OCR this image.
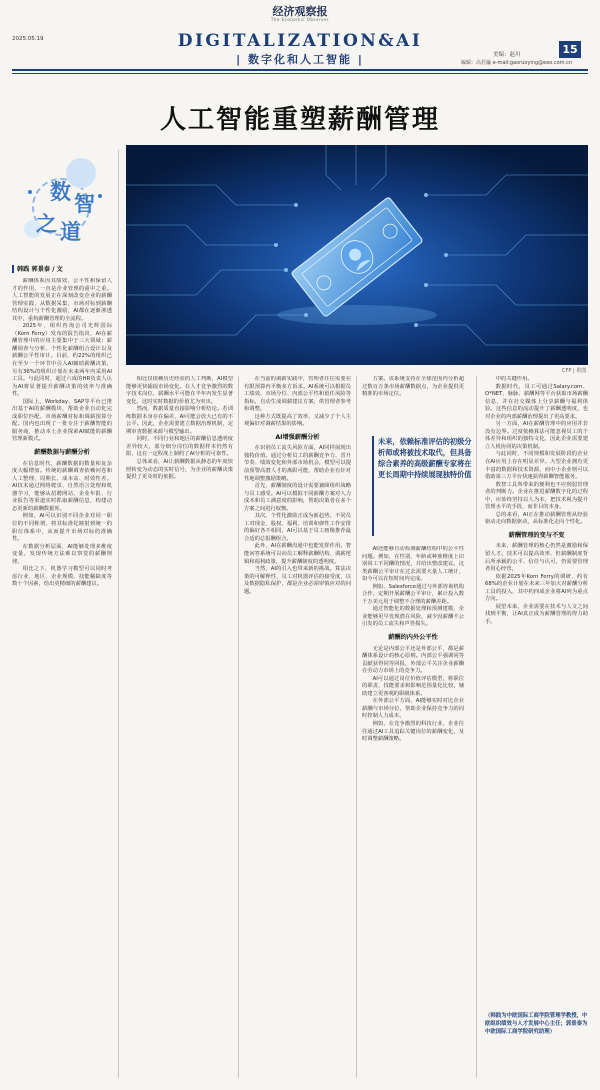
经济观察报
The Economic Observer
2025.05.19	DIGITALIZATION&AI
| 数字化和人工智能 |	美编：赵川	15
编辑：高若瀛 e-mail:gaoruoying@eeo.com.cn
人工智能重塑薪酬管理
数 智
之 道
韩践 郭景泰 / 文
CFP | 供图

薪酬体系因其绩效、公平性和保留人才的作用，一直是企业管理的重中之重。人工智能的发展正在深刻改变企业的薪酬管理实践，从数据采集、市场对标到薪酬结构设计与个性化激励，AI都在逐渐渗透其中，重构薪酬管理的全流程。

2025年，组织咨询公司光辉国际（Korn Ferry）发布的报告指出，AI在薪酬管理中的应用主要集中于三大领域：薪酬调查与分析、个性化薪酬组合设计以及薪酬公平性审计。目前，约22%的组织已在至少一个环节中引入AI辅助薪酬决策，另有36%的组织计划在未来两年内采用AI工具。与此同时，超过六成的HR负责人认为AI将显著提升薪酬决策的效率与准确性。

国际上，Workday、SAP等平台已推出基于AI的薪酬模块，帮助企业自动化完成职位匹配、市场薪酬对标和调薪预算分配。国内也出现了一批专注于薪酬智能的服务商，推动本土企业探索AI赋能的薪酬管理新模式。

薪酬数据与薪酬分析

在信息时代，薪酬数据的数量和复杂度大幅增加。传统的薪酬调查依赖问卷和人工整理，周期长、成本高、时效性差。AI技术通过网络爬虫、自然语言处理和机器学习，能够从招聘网站、企业年报、行业报告等渠道实时抓取薪酬信息，构建动态更新的薪酬数据库。

例如，AI可以识别不同企业对同一职位的不同称谓，将其标准化映射到统一的职位体系中，从而提升市场对标的准确性。

在数据分析层面，AI能够处理多维度变量，发现传统方法难以察觉的薪酬规律。

相比之下，机器学习模型可以同时考虑行业、地区、企业规模、技能稀缺度等数十个因素，给出更精细的薪酬建议。

相比仅依赖历史经验的人工判断，AI模型能够更快捕捉市场变化。在人才竞争激烈的数字技术岗位，薪酬水平可能在半年内发生显著变化，这时实时数据的价值尤为突出。

然而，数据质量直接影响分析结论。若训练数据本身存在偏差，AI可能会放大已有的不公平。因此，企业需要建立数据治理机制，定期审查数据来源与模型输出。

同时，不同行业和地区的薪酬信息透明度差异较大，部分细分岗位的数据样本仍然有限，这在一定程度上制约了AI分析的可靠性。

总体来看，AI让薪酬数据从静态的年度快照转变为动态的实时信号，为企业的薪酬决策提供了更及时的依据。

在当前的调薪实践中，管理者往往需要在有限预算内平衡多方诉求。AI系统可以根据员工绩效、市场分位、内部公平性和留任风险等指标，自动生成调薪建议方案，供管理者参考和调整。

这种方式既提高了效率，又减少了个人主观偏好对调薪结果的影响。

AI增强薪酬分析

在识别员工流失风险方面，AI同样展现出独特价值。通过分析员工的薪酬竞争力、晋升节奏、绩效变化和外部市场机会，模型可以提前预警高潜人才的离职可能，帮助企业有针对性地调整激励策略。

首先，薪酬制度的设计需要兼顾组织战略与员工感受。AI可以模拟不同薪酬方案对人力成本和员工满意度的影响，帮助决策者在多个方案之间进行权衡。

其次，个性化激励正成为新趋势。不同员工对现金、股权、福利、培训和弹性工作安排的偏好各不相同，AI可以基于员工画像推荐最合适的总报酬组合。

此外，AI在薪酬沟通中也能发挥作用。智能问答系统可以向员工解释薪酬结构、调薪逻辑和福利政策，提升薪酬制度的透明度。

当然，AI的引入也带来新的挑战。算法决策的可解释性、员工对机器评估的接受度，以及数据隐私保护，都是企业必须审慎应对的问题。

方案。该系统支持在全球范围内分析超过数百万条市场薪酬数据点，为企业提供更精准的市场定位。

未来，依赖标准评估的初级分析师或将被技术取代，但具备综合素养的高级薪酬专家将在更长周期中持续展现独特价值

AI还能够自动检测薪酬结构中的公平性问题。例如，在性别、年龄或种族维度上识别同工不同酬的情况，并给出整改建议。这类薪酬公平审计在过去需要大量人工统计，如今可以在短时间内完成。

例如，Salesforce通过与外部咨询机构合作，定期开展薪酬公平审计，累计投入数千万美元用于调整不合理的薪酬差距。

通过智能化的数据处理和预测建模，企业能够更早发现潜在风险，减少因薪酬不公引发的员工流失和声誉损失。

薪酬的内外公平性

无论是内部公平还是外部公平，都是薪酬体系设计的核心原则。内部公平强调同等贡献获得同等回报，外部公平关注企业薪酬在劳动力市场上的竞争力。

AI可以通过岗位价值评估模型，将职位的职责、技能要求和影响范围量化比较，辅助建立更客观的职级体系。

在外部公平方面，AI能够实时对比企业薪酬与市场分位，帮助企业保持竞争力的同时控制人力成本。

例如，在竞争激烈的科技行业，企业往往通过AI工具追踪关键岗位的薪酬变化，及时调整薪酬策略。

中的关键作用。

数据时代，员工可通过Salary.com、O*NET、脉脉、薪酬网等平台获取市场薪酬信息，并在社交媒体上分享薪酬与福利体验。这些信息的流动提升了薪酬透明度，也对企业的内部薪酬治理提出了更高要求。

另一方面，AI在薪酬管理中的应用并非没有边界。过度依赖算法可能忽视员工的个体差异和组织的独特文化，因此企业需要建立人机协同的决策机制。

与此同时，不同规模和发展阶段的企业在AI应用上存在明显差异。大型企业拥有更丰富的数据和技术资源，而中小企业则可以借助第三方平台快速获得薪酬智能服务。

数智工具所带来的便利也不应削弱管理者的判断力。企业在推进薪酬数字化的过程中，应始终坚持以人为本，把技术视为提升管理水平的手段，而非目的本身。

总的来看，AI正在推动薪酬管理从经验驱动走向数据驱动，从标准化走向个性化。

薪酬管理的变与不变

未来，薪酬管理的核心仍然是激励和保留人才。技术可以提高效率，但薪酬制度背后所承载的公平、信任与认可，仍需要管理者用心经营。

依据2025年Korn Ferry的调研，约有68%的企业计划在未来三年加大对薪酬分析工具的投入，其中约四成企业将AI列为重点方向。

展望未来，企业需要在技术与人文之间找到平衡，让AI真正成为薪酬管理的得力助手。

（韩践为中欧国际工商学院管理学教授，中欧组织绩效与人才发展中心主任；郭景泰为中欧国际工商学院研究助理）
